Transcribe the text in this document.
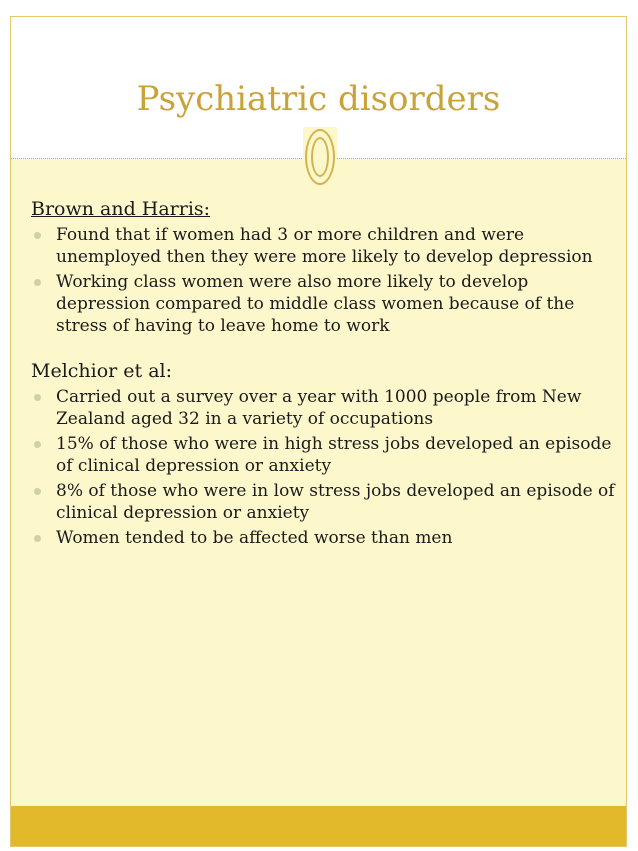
Psychiatric disorders
Brown and Harris:
Found that if women had 3 or more children and were unemployed then they were more likely to develop depression
Working class women were also more likely to develop depression compared to middle class women because of the stress of having to leave home to work
Melchior et al:
Carried out a survey over a year with 1000 people from New Zealand aged 32 in a variety of occupations
15% of those who were in high stress jobs developed an episode of clinical depression or anxiety
8% of those who were in low stress jobs developed an episode of clinical depression or anxiety
Women tended to be affected worse than men
